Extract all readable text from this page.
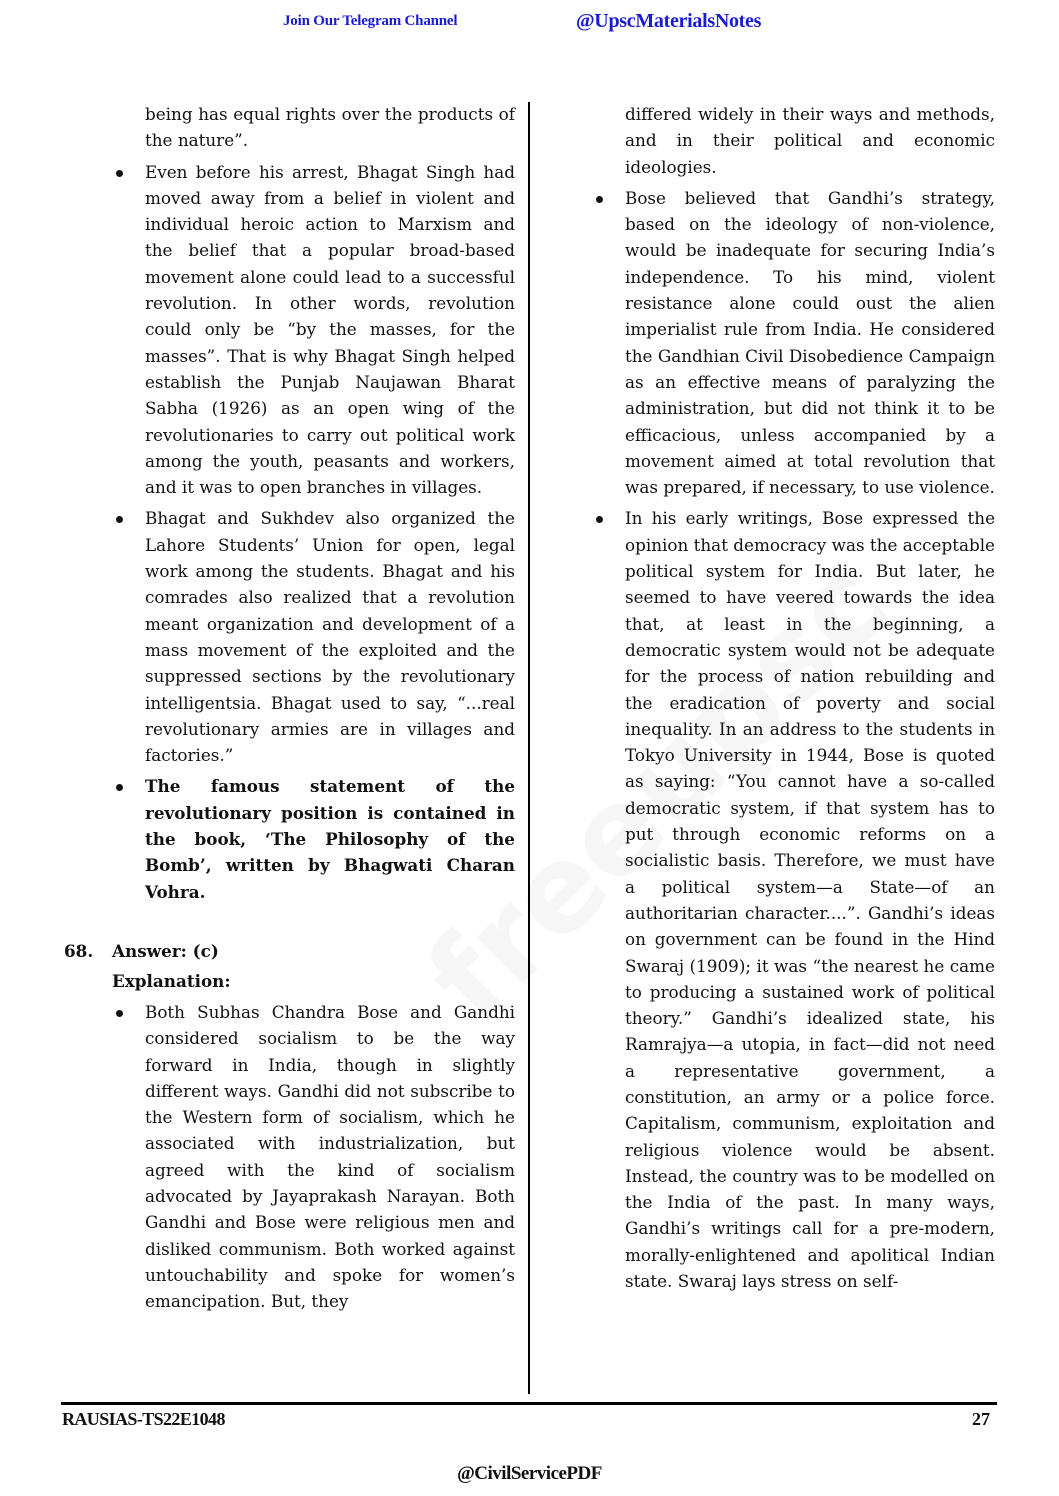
Join Our Telegram Channel	@UpscMaterialsNotes
being has equal rights over the products of the nature”.
Even before his arrest, Bhagat Singh had moved away from a belief in violent and individual heroic action to Marxism and the belief that a popular broad-based movement alone could lead to a successful revolution. In other words, revolution could only be “by the masses, for the masses”. That is why Bhagat Singh helped establish the Punjab Naujawan Bharat Sabha (1926) as an open wing of the revolutionaries to carry out political work among the youth, peasants and workers, and it was to open branches in villages.
Bhagat and Sukhdev also organized the Lahore Students’ Union for open, legal work among the students. Bhagat and his comrades also realized that a revolution meant organization and development of a mass movement of the exploited and the suppressed sections by the revolutionary intelligentsia. Bhagat used to say, “...real revolutionary armies are in villages and factories.”
The famous statement of the revolutionary position is contained in the book, ‘The Philosophy of the Bomb’, written by Bhagwati Charan Vohra.
68. Answer: (c)
Explanation:
Both Subhas Chandra Bose and Gandhi considered socialism to be the way forward in India, though in slightly different ways. Gandhi did not subscribe to the Western form of socialism, which he associated with industrialization, but agreed with the kind of socialism advocated by Jayaprakash Narayan. Both Gandhi and Bose were religious men and disliked communism. Both worked against untouchability and spoke for women’s emancipation. But, they
differed widely in their ways and methods, and in their political and economic ideologies.
Bose believed that Gandhi’s strategy, based on the ideology of non-violence, would be inadequate for securing India’s independence. To his mind, violent resistance alone could oust the alien imperialist rule from India. He considered the Gandhian Civil Disobedience Campaign as an effective means of paralyzing the administration, but did not think it to be efficacious, unless accompanied by a movement aimed at total revolution that was prepared, if necessary, to use violence.
In his early writings, Bose expressed the opinion that democracy was the acceptable political system for India. But later, he seemed to have veered towards the idea that, at least in the beginning, a democratic system would not be adequate for the process of nation rebuilding and the eradication of poverty and social inequality. In an address to the students in Tokyo University in 1944, Bose is quoted as saying: “You cannot have a so-called democratic system, if that system has to put through economic reforms on a socialistic basis. Therefore, we must have a political system—a State—of an authoritarian character....”. Gandhi’s ideas on government can be found in the Hind Swaraj (1909); it was “the nearest he came to producing a sustained work of political theory.” Gandhi’s idealized state, his Ramrajya—a utopia, in fact—did not need a representative government, a constitution, an army or a police force. Capitalism, communism, exploitation and religious violence would be absent. Instead, the country was to be modelled on the India of the past. In many ways, Gandhi’s writings call for a pre-modern, morally-enlightened and apolitical Indian state. Swaraj lays stress on self-
RAUSIAS-TS22E1048	27
@CivilServicePDF
